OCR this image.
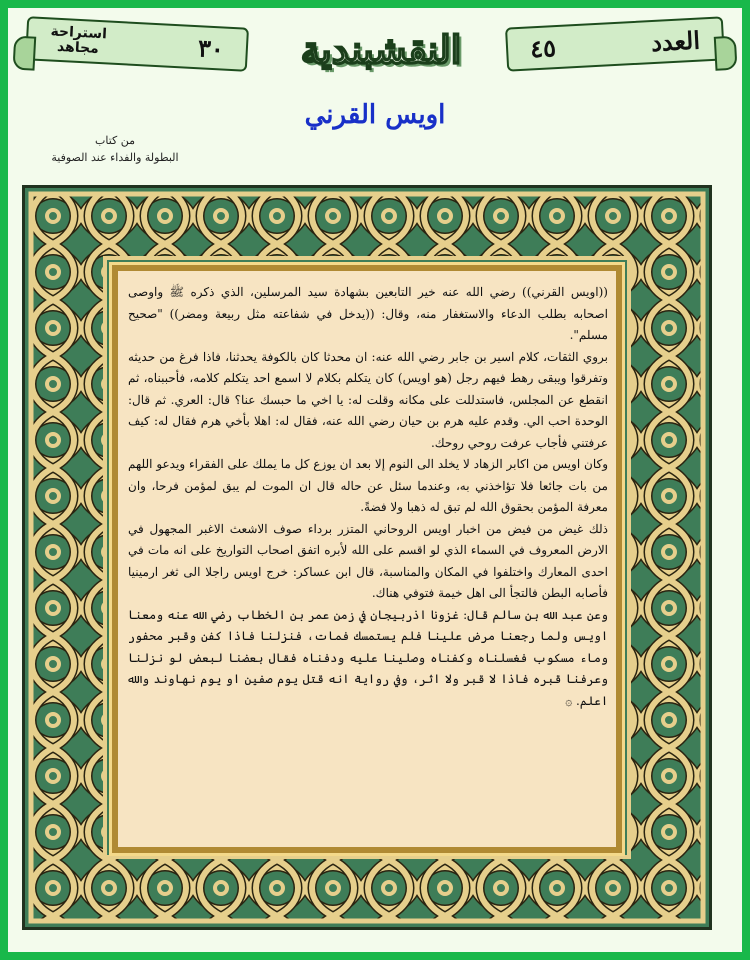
استراحة
مجاهد	٣٠ النقشبندية	٤٥	العدد
اويس القرني
من كتاب
البطولة والفداء عند الصوفية

((اويس القرني)) رضي الله عنه خير التابعين بشهادة سيد المرسلين، الذي ذكره ﷺ واوصى اصحابه بطلب الدعاء والاستغفار منه، وقال: ((يدخل في شفاعته مثل ربيعة ومضر)) "صحيح مسلم".

بروي الثقات، كلام اسير بن جابر رضي الله عنه: ان محدثا كان بالكوفة يحدثنا، فاذا فرغ من حديثه وتفرقوا ويبقى رهط فيهم رجل (هو اويس) كان يتكلم بكلام لا اسمع احد يتكلم كلامه، فأحببناه، ثم انقطع عن المجلس، فاستدللت على مكانه وقلت له: يا اخي ما حبسك عنا؟ قال: العري. ثم قال: الوحدة احب الي. وقدم عليه هرم بن حيان رضي الله عنه، فقال له: اهلا بأخي هرم فقال له: كيف عرفتني فأجاب عرفت روحي روحك.

وكان اويس من اكابر الزهاد لا يخلد الى النوم إلا بعد ان يوزع كل ما يملك على الفقراء ويدعو اللهم من بات جائعا فلا تؤاخذني به، وعندما سئل عن حاله قال ان الموت لم يبق لمؤمن فرحا، وان معرفة المؤمن بحقوق الله لم تبق له ذهبا ولا فضةً.

ذلك غيض من فيض من اخبار اويس الروحاني المتزر برداء صوف الاشعث الاغبر المجهول في الارض المعروف في السماء الذي لو اقسم على الله لأبره اتفق اصحاب التواريخ على انه مات في احدى المعارك واختلفوا في المكان والمناسبة، قال ابن عساكر: خرج اويس راجلا الى ثغر ارمينيا فأصابه البطن فالتجأ الى اهل خيمة فتوفي هناك.

وعن عبد الله بن سالم قال: غزونا اذربيجان في زمن عمر بن الخطاب رضي الله عنه ومعنا اويس ولما رجعنا مرض علينا فلم يستمسك فمات، فنزلنا فاذا كفن وقبر محفور وماء مسكوب فغسلناه وكفناه وصلينا عليه ودفناه فقال بعضنا لبعض لو نزلنا وعرفنا قبره فاذا لا قبر ولا اثر، وفي رواية انه قتل يوم صفين او يوم نهاوند والله اعلم. ۞
